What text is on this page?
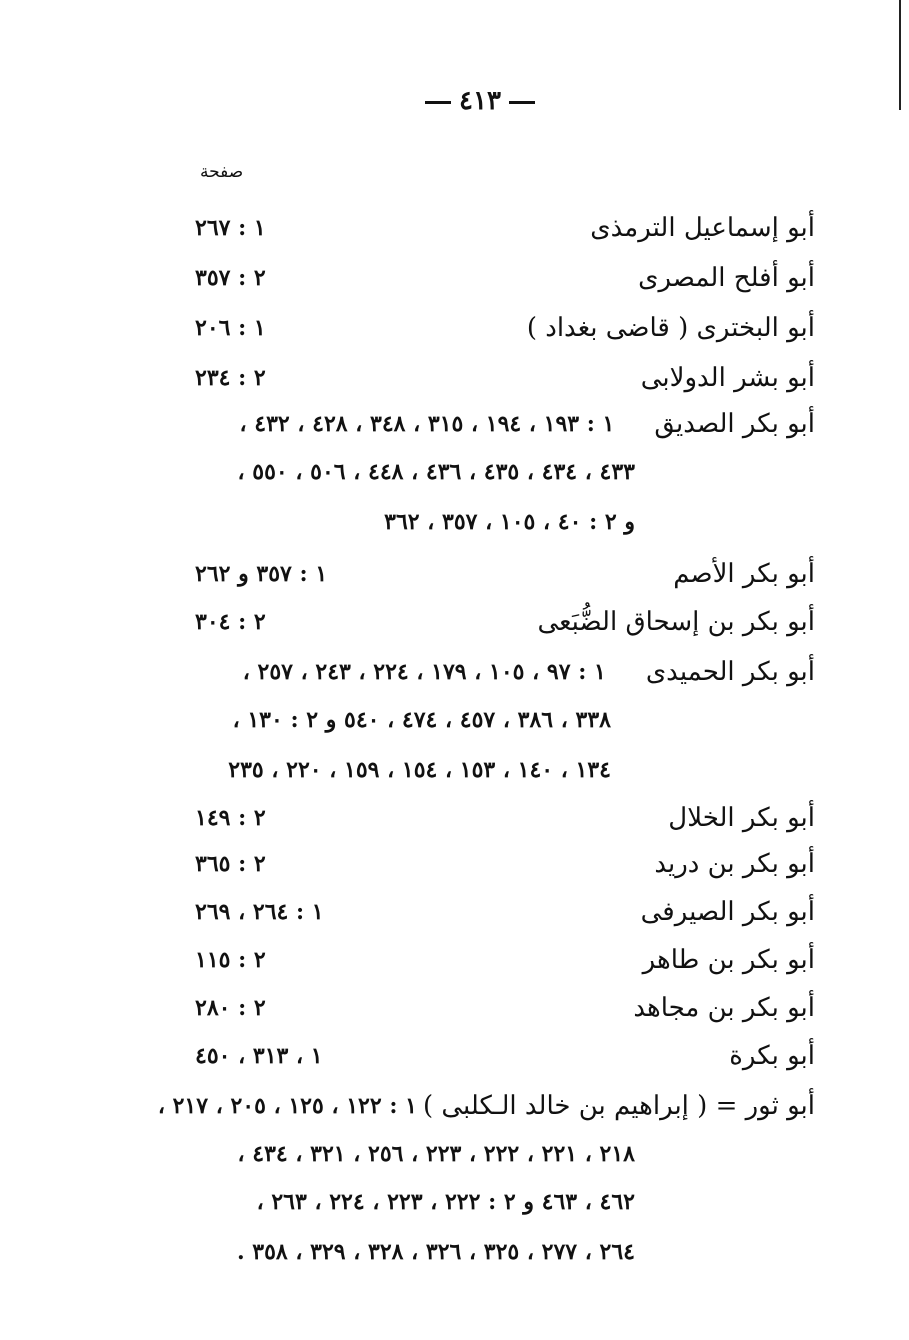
٤١٣
صفحة
أبو إسماعيل الترمذى
١ : ٢٦٧
أبو أفلح المصرى
٢ : ٣٥٧
أبو البخترى ( قاضى بغداد )
١ : ٢٠٦
أبو بشر الدولابى
٢ : ٢٣٤
أبو بكر الصديق
١ : ١٩٣ ، ١٩٤ ، ٣١٥ ، ٣٤٨ ، ٤٢٨ ، ٤٣٢ ،
٤٣٣ ، ٤٣٤ ، ٤٣٥ ، ٤٣٦ ، ٤٤٨ ، ٥٠٦ ، ٥٥٠ ،
و ٢ : ٤٠ ، ١٠٥ ، ٣٥٧ ، ٣٦٢
أبو بكر الأصم
١ : ٣٥٧ و ٢٦٢
أبو بكر بن إسحاق الضُّبَعى
٢ : ٣٠٤
أبو بكر الحميدى
١ : ٩٧ ، ١٠٥ ، ١٧٩ ، ٢٢٤ ، ٢٤٣ ، ٢٥٧ ،
٣٣٨ ، ٣٨٦ ، ٤٥٧ ، ٤٧٤ ، ٥٤٠ و ٢ : ١٣٠ ،
١٣٤ ، ١٤٠ ، ١٥٣ ، ١٥٤ ، ١٥٩ ، ٢٢٠ ، ٢٣٥
أبو بكر الخلال
٢ : ١٤٩
أبو بكر بن دريد
٢ : ٣٦٥
أبو بكر الصيرفى
١ : ٢٦٤ ، ٢٦٩
أبو بكر بن طاهر
٢ : ١١٥
أبو بكر بن مجاهد
٢ : ٢٨٠
أبو بكرة
١ ، ٣١٣ ، ٤٥٠
أبو ثور = ( إبراهيم بن خالد الـكلبى )
١ : ١٢٢ ، ١٢٥ ، ٢٠٥ ، ٢١٧ ،
٢١٨ ، ٢٢١ ، ٢٢٢ ، ٢٢٣ ، ٢٥٦ ، ٣٢١ ، ٤٣٤ ،
٤٦٢ ، ٤٦٣ و ٢ : ٢٢٢ ، ٢٢٣ ، ٢٢٤ ، ٢٦٣ ،
٢٦٤ ، ٢٧٧ ، ٣٢٥ ، ٣٢٦ ، ٣٢٨ ، ٣٢٩ ، ٣٥٨ .
